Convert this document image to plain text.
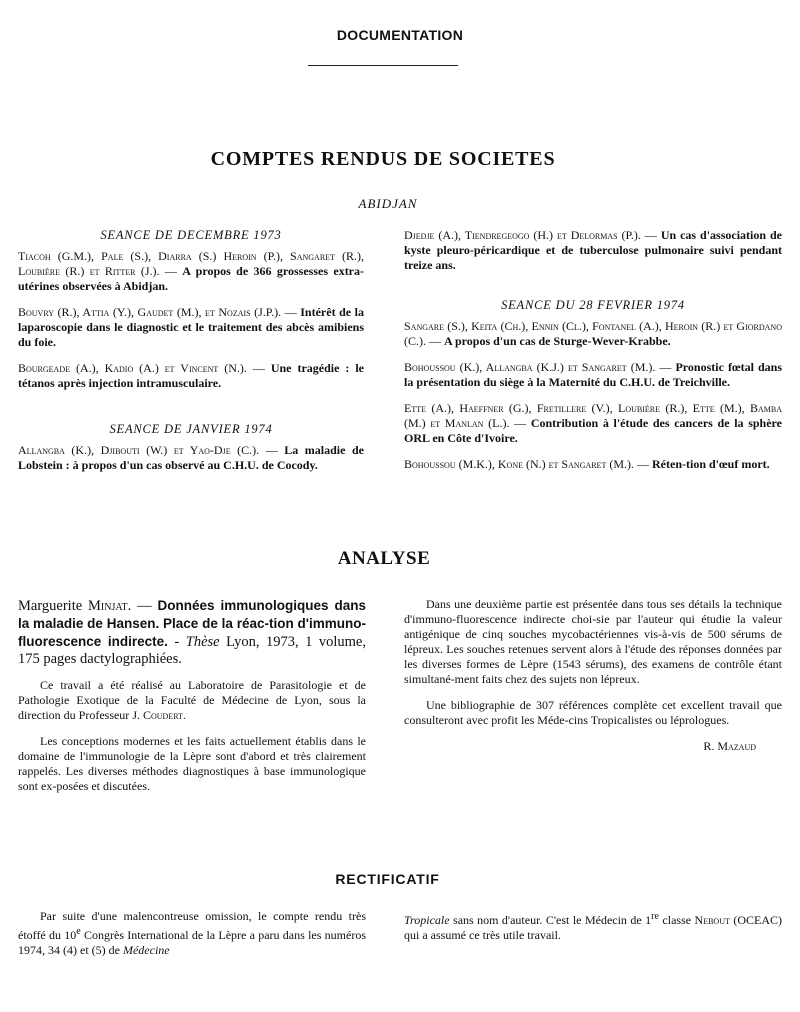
DOCUMENTATION
COMPTES RENDUS DE SOCIETES
ABIDJAN
SEANCE DE DECEMBRE 1973

Tiacoh (G.M.), Pale (S.), Diarra (S.) Heroin (P.), Sangaret (R.), Loubière (R.) et Ritter (J.). — A propos de 366 grossesses extra-utérines observées à Abidjan.

Bouvry (R.), Attia (Y.), Gaudet (M.), et Nozais (J.P.). — Intérêt de la laparoscopie dans le diagnostic et le traitement des abcès amibiens du foie.

Bourgeade (A.), Kadio (A.) et Vincent (N.). — Une tragédie : le tétanos après injection intramusculaire.

SEANCE DE JANVIER 1974

Allangba (K.), Djibouti (W.) et Yao-Dje (C.). — La maladie de Lobstein : à propos d'un cas observé au C.H.U. de Cocody.

Djedje (A.), Tiendregeogo (H.) et Delormas (P.). — Un cas d'association de kyste pleuro-péricardique et de tuberculose pulmonaire suivi pendant treize ans.

SEANCE DU 28 FEVRIER 1974

Sangare (S.), Keita (Ch.), Ennin (Cl.), Fontanel (A.), Heroin (R.) et Giordano (C.). — A propos d'un cas de Sturge-Wever-Krabbe.

Bohoussou (K.), Allangba (K.J.) et Sangaret (M.). — Pronostic fœtal dans la présentation du siège à la Maternité du C.H.U. de Treichville.

Ette (A.), Haeffner (G.), Fretillere (V.), Loubière (R.), Ette (M.), Bamba (M.) et Manlan (L.). — Contribution à l'étude des cancers de la sphère ORL en Côte d'Ivoire.

Bohoussou (M.K.), Kone (N.) et Sangaret (M.). — Réten-tion d'œuf mort.

ANALYSE
Marguerite Minjat. — Données immunologiques dans la maladie de Hansen. Place de la réac-tion d'immuno-fluorescence indirecte. - Thèse Lyon, 1973, 1 volume, 175 pages dactylographiées.

Ce travail a été réalisé au Laboratoire de Parasitologie et de Pathologie Exotique de la Faculté de Médecine de Lyon, sous la direction du Professeur J. Coudert.

Les conceptions modernes et les faits actuellement établis dans le domaine de l'immunologie de la Lèpre sont d'abord et très clairement rappelés. Les diverses méthodes diagnostiques à base immunologique sont ex-posées et discutées.

Dans une deuxième partie est présentée dans tous ses détails la technique d'immuno-fluorescence indirecte choi-sie par l'auteur qui étudie la valeur antigénique de cinq souches mycobactériennes vis-à-vis de 500 sérums de lépreux. Les souches retenues servent alors à l'étude des réponses données par les diverses formes de Lèpre (1543 sérums), des examens de contrôle étant simultané-ment faits chez des sujets non lépreux.

Une bibliographie de 307 références complète cet excellent travail que consulteront avec profit les Méde-cins Tropicalistes ou léprologues.

R. Mazaud
RECTIFICATIF

Par suite d'une malencontreuse omission, le compte rendu très étoffé du 10e Congrès International de la Lèpre a paru dans les numéros 1974, 34 (4) et (5) de Médecine

Tropicale sans nom d'auteur. C'est le Médecin de 1re classe Nebout (OCEAC) qui a assumé ce très utile travail.
